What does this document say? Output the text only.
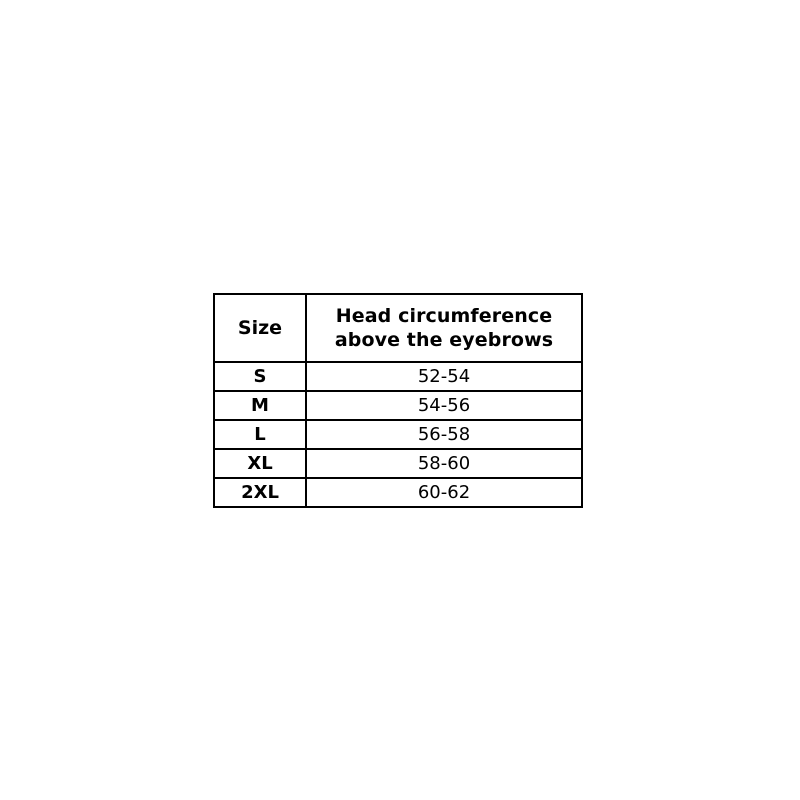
Size	Head circumference
above the eyebrows
S	52-54
M	54-56
L	56-58
XL	58-60
2XL	60-62
